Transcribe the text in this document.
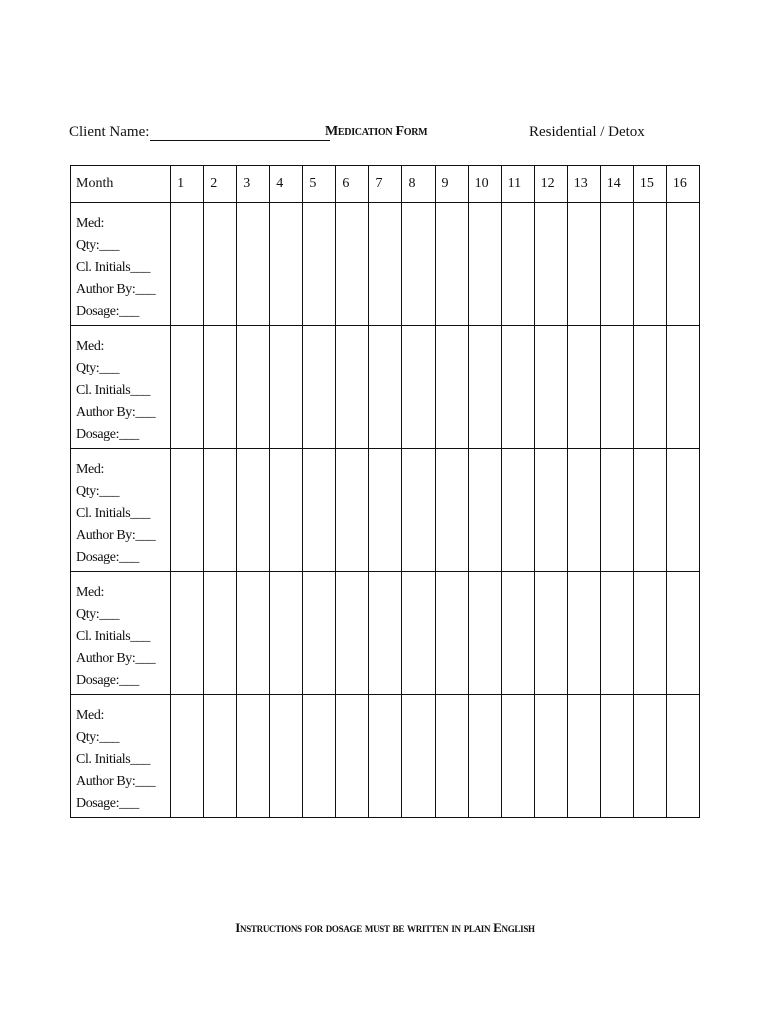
Client Name:	Medication Form	Residential / Detox
Month	1	2	3	4	5	6	7	8	9	10	11	12	13	14	15	16

Med:
Qty:___
Cl. Initials___
Author By:___
Dosage:___																

Med:
Qty:___
Cl. Initials___
Author By:___
Dosage:___																

Med:
Qty:___
Cl. Initials___
Author By:___
Dosage:___																

Med:
Qty:___
Cl. Initials___
Author By:___
Dosage:___																

Med:
Qty:___
Cl. Initials___
Author By:___
Dosage:___																

Instructions for dosage must be written in plain English
